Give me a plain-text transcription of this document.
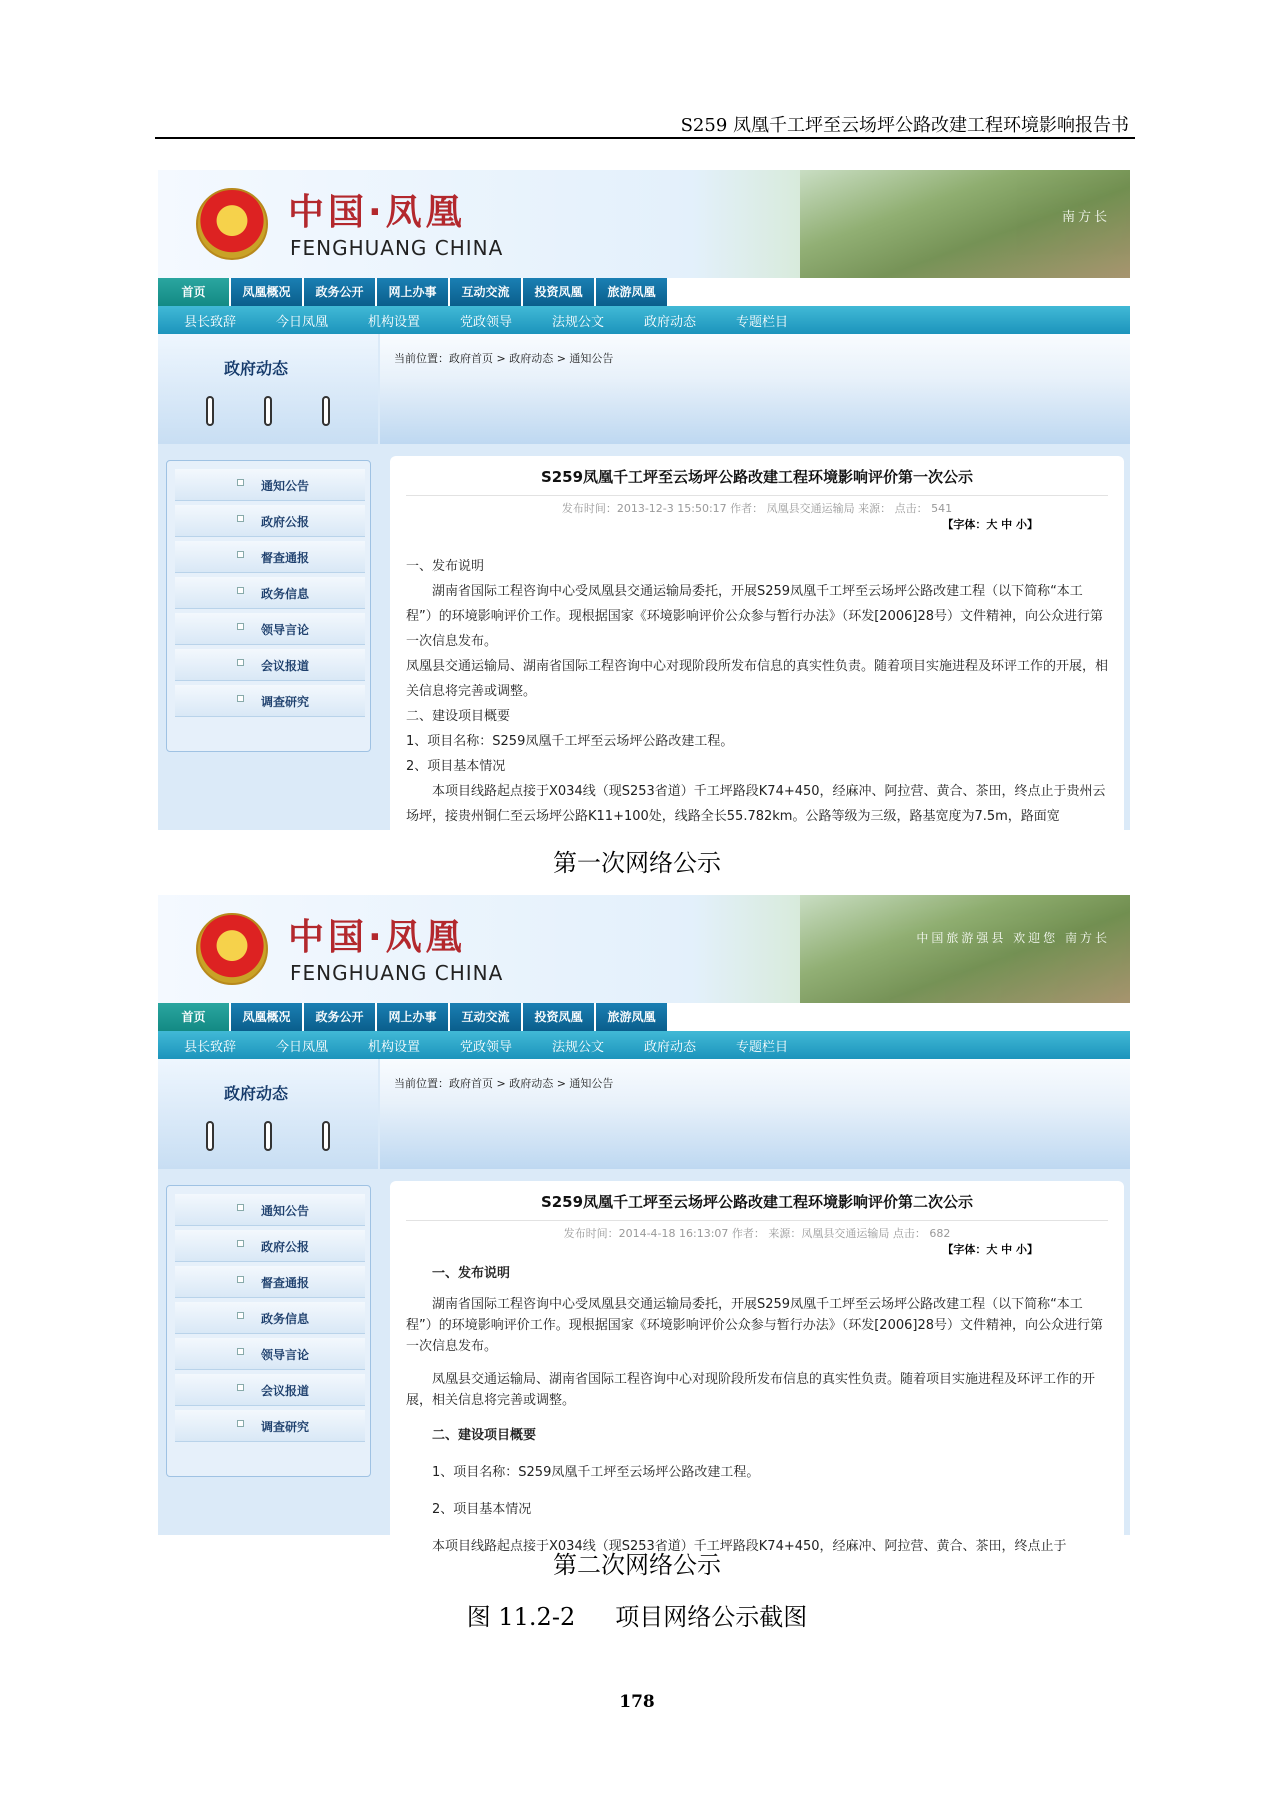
S259 凤凰千工坪至云场坪公路改建工程环境影响报告书
★ 中国·凤凰
FENGHUANG CHINA
南方长
首页	凤凰概况	政务公开	网上办事	互动交流	投资凤凰	旅游凤凰
县长致辞	今日凤凰	机构设置	党政领导	法规公文	政府动态	专题栏目
政府动态
当前位置：政府首页 > 政府动态 > 通知公告
通知公告
政府公报
督查通报
政务信息
领导言论
会议报道
调查研究
S259凤凰千工坪至云场坪公路改建工程环境影响评价第一次公示
发布时间：2013-12-3 15:50:17 作者： 凤凰县交通运输局 来源： 点击： 541
【字体：大 中 小】

一、发布说明

湖南省国际工程咨询中心受凤凰县交通运输局委托，开展S259凤凰千工坪至云场坪公路改建工程（以下简称“本工程”）的环境影响评价工作。现根据国家《环境影响评价公众参与暂行办法》（环发[2006]28号）文件精神，向公众进行第一次信息发布。

凤凰县交通运输局、湖南省国际工程咨询中心对现阶段所发布信息的真实性负责。随着项目实施进程及环评工作的开展，相关信息将完善或调整。

二、建设项目概要

1、项目名称：S259凤凰千工坪至云场坪公路改建工程。

2、项目基本情况

本项目线路起点接于X034线（现S253省道）千工坪路段K74+450，经麻冲、阿拉营、黄合、茶田，终点止于贵州云场坪，接贵州铜仁至云场坪公路K11+100处，线路全长55.782km。公路等级为三级，路基宽度为7.5m，路面宽

第一次网络公示
★ 中国·凤凰
FENGHUANG CHINA
中国旅游强县 欢迎您 南方长
首页	凤凰概况	政务公开	网上办事	互动交流	投资凤凰	旅游凤凰
县长致辞	今日凤凰	机构设置	党政领导	法规公文	政府动态	专题栏目
政府动态
当前位置：政府首页 > 政府动态 > 通知公告
通知公告
政府公报
督查通报
政务信息
领导言论
会议报道
调查研究
S259凤凰千工坪至云场坪公路改建工程环境影响评价第二次公示
发布时间：2014-4-18 16:13:07 作者： 来源：凤凰县交通运输局 点击： 682
【字体：大 中 小】

一、发布说明

湖南省国际工程咨询中心受凤凰县交通运输局委托，开展S259凤凰千工坪至云场坪公路改建工程（以下简称“本工程”）的环境影响评价工作。现根据国家《环境影响评价公众参与暂行办法》（环发[2006]28号）文件精神，向公众进行第一次信息发布。

凤凰县交通运输局、湖南省国际工程咨询中心对现阶段所发布信息的真实性负责。随着项目实施进程及环评工作的开展，相关信息将完善或调整。

二、建设项目概要

1、项目名称：S259凤凰千工坪至云场坪公路改建工程。

2、项目基本情况

本项目线路起点接于X034线（现S253省道）千工坪路段K74+450，经麻冲、阿拉营、黄合、茶田，终点止于

第二次网络公示
图 11.2-2 项目网络公示截图
178
